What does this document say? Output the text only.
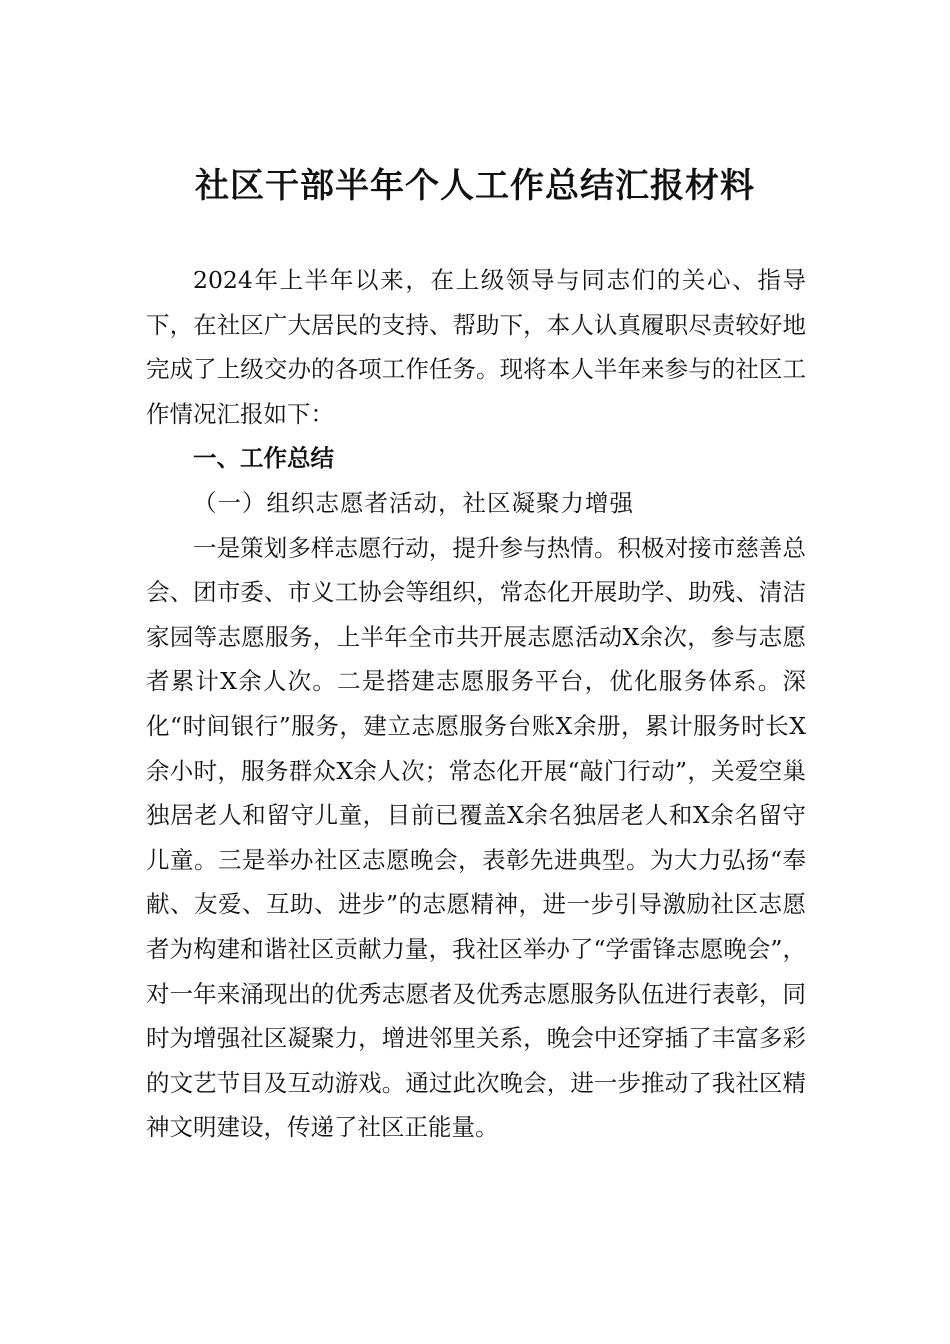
社区干部半年个人工作总结汇报材料

2024年上半年以来，在上级领导与同志们的关心、指导下，在社区广大居民的支持、帮助下，本人认真履职尽责较好地完成了上级交办的各项工作任务。现将本人半年来参与的社区工作情况汇报如下：

一、工作总结

（一）组织志愿者活动，社区凝聚力增强

一是策划多样志愿行动，提升参与热情。积极对接市慈善总会、团市委、市义工协会等组织，常态化开展助学、助残、清洁家园等志愿服务，上半年全市共开展志愿活动X余次，参与志愿者累计X余人次。二是搭建志愿服务平台，优化服务体系。深化“时间银行”服务，建立志愿服务台账X余册，累计服务时长X余小时，服务群众X余人次；常态化开展“敲门行动”，关爱空巢独居老人和留守儿童，目前已覆盖X余名独居老人和X余名留守儿童。三是举办社区志愿晚会，表彰先进典型。为大力弘扬“奉献、友爱、互助、进步”的志愿精神，进一步引导激励社区志愿者为构建和谐社区贡献力量，我社区举办了“学雷锋志愿晚会”，对一年来涌现出的优秀志愿者及优秀志愿服务队伍进行表彰，同时为增强社区凝聚力，增进邻里关系，晚会中还穿插了丰富多彩的文艺节目及互动游戏。通过此次晚会，进一步推动了我社区精神文明建设，传递了社区正能量。
